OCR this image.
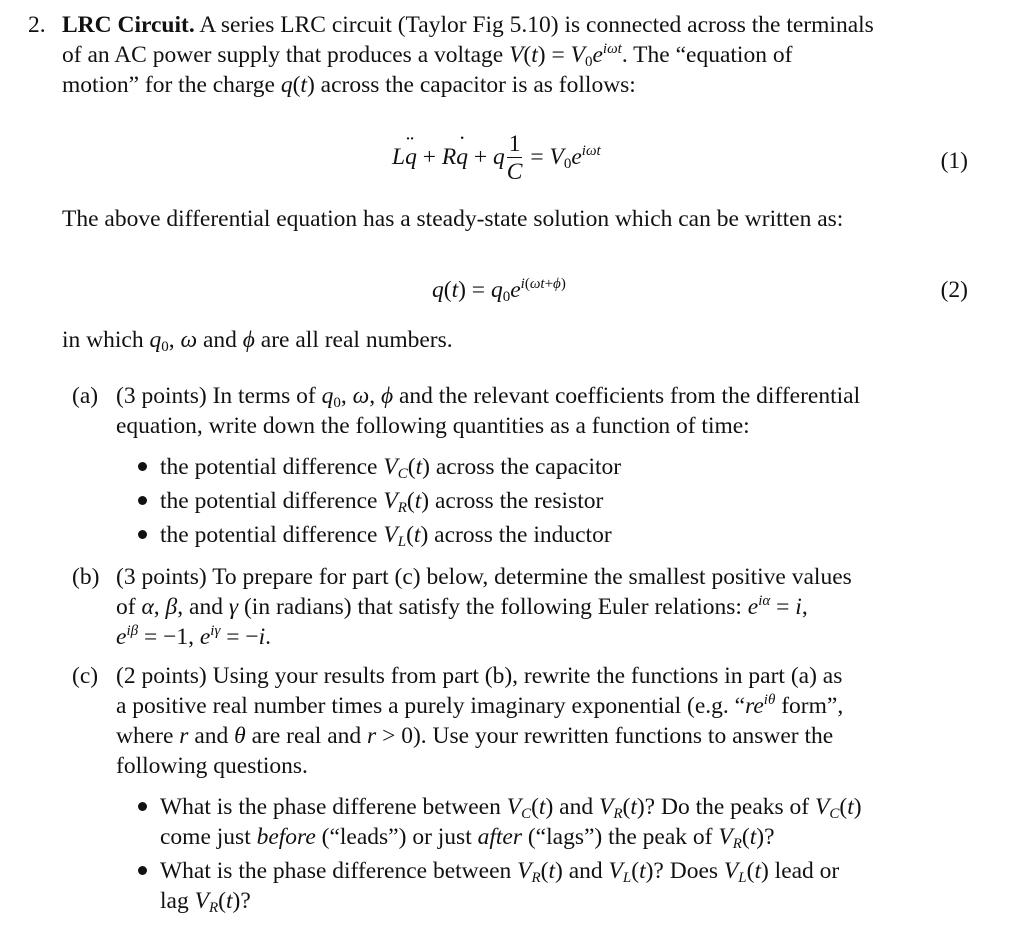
2. LRC Circuit. A series LRC circuit (Taylor Fig 5.10) is connected across the terminals
of an AC power supply that produces a voltage $V(t) = V_0e^{i\omega t}$. The “equation of
motion” for the charge q(t) across the capacitor is as follows:
Lq ¨ + Rq ˙ + q $\frac{1}{C} = V_0e^{i\omega t}$	(1)
The above differential equation has a steady-state solution which can be written as:
$q(t) = q_0e^{i(\omega t+\phi)}$	(2)
in which $q_0$, ω and ϕ are all real numbers.
(a) (3 points) In terms of $q_0$, ω, ϕ and the relevant coefficients from the differential
equation, write down the following quantities as a function of time:
the potential difference $V_C(t)$ across the capacitor
the potential difference $V_R(t)$ across the resistor
the potential difference $V_L(t)$ across the inductor
(b) (3 points) To prepare for part (c) below, determine the smallest positive values
of α, β, and γ (in radians) that satisfy the following Euler relations: $e^{i\alpha} = i$,
$e^{i\beta} = -1$, $e^{i\gamma} = -i$.
(c) (2 points) Using your results from part (b), rewrite the functions in part (a) as
a positive real number times a purely imaginary exponential (e.g. “$re^{i\theta}$ form”,
where r and θ are real and r > 0). Use your rewritten functions to answer the
following questions.
What is the phase differene between $V_C(t)$ and $V_R(t)$? Do the peaks of $V_C(t)$
come just before (“leads”) or just after (“lags”) the peak of $V_R(t)$?
What is the phase difference between $V_R(t)$ and $V_L(t)$? Does $V_L(t)$ lead or
lag $V_R(t)$?
